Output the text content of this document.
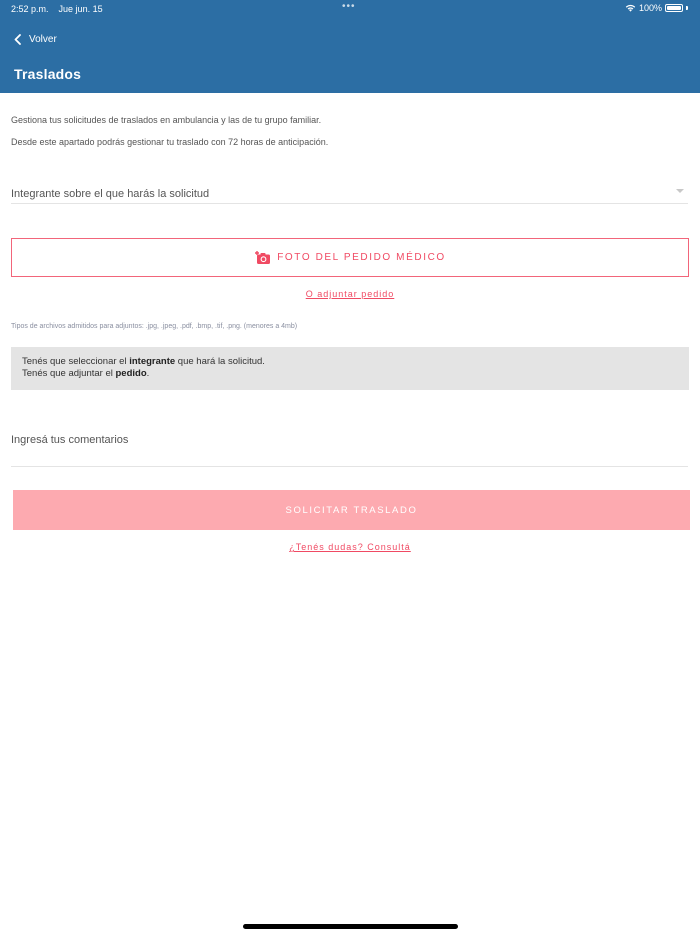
2:52 p.m. Jue jun. 15	•••	100%
Volver
Traslados
Gestiona tus solicitudes de traslados en ambulancia y las de tu grupo familiar.
Desde este apartado podrás gestionar tu traslado con 72 horas de anticipación.
Integrante sobre el que harás la solicitud
FOTO DEL PEDIDO MÉDICO
O adjuntar pedido
Tipos de archivos admitidos para adjuntos: .jpg, .jpeg, .pdf, .bmp, .tif, .png. (menores a 4mb)
Tenés que seleccionar el integrante que hará la solicitud.
Tenés que adjuntar el pedido.
Ingresá tus comentarios
SOLICITAR TRASLADO
¿Tenés dudas? Consultá
